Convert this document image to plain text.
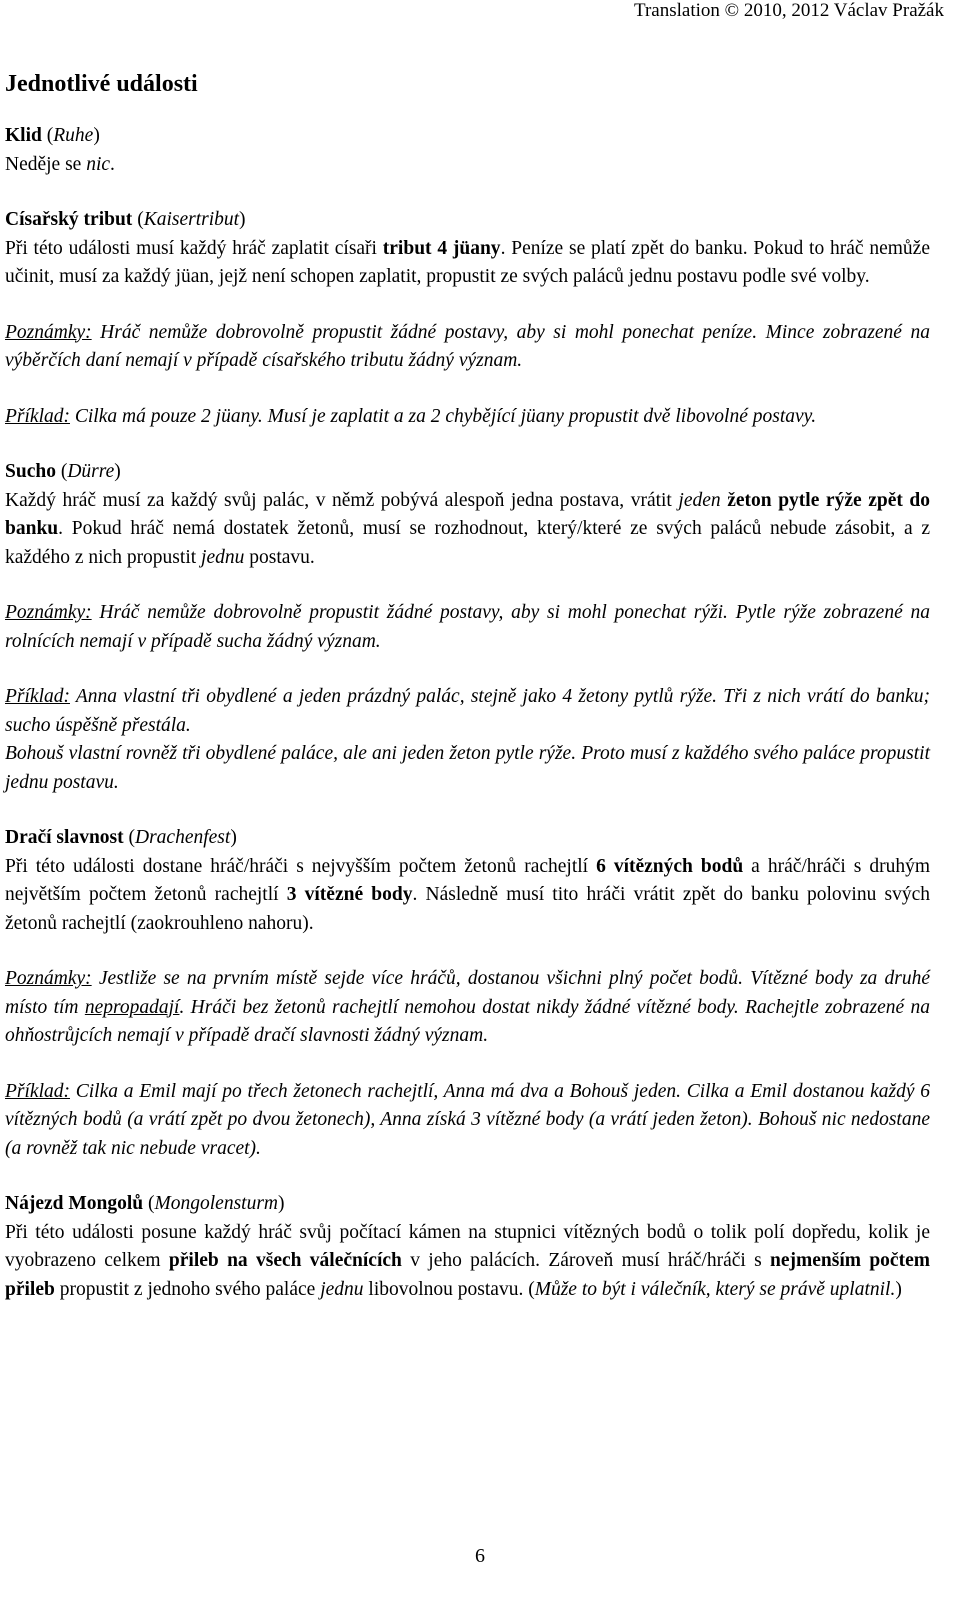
Translation © 2010, 2012 Václav Pražák
Jednotlivé události

Klid (Ruhe)

Neděje se nic.

Císařský tribut (Kaisertribut)

Při této události musí každý hráč zaplatit císaři tribut 4 jüany. Peníze se platí zpět do banku. Pokud to hráč nemůže učinit, musí za každý jüan, jejž není schopen zaplatit, propustit ze svých paláců jednu postavu podle své volby.

Poznámky: Hráč nemůže dobrovolně propustit žádné postavy, aby si mohl ponechat peníze. Mince zobrazené na výběrčích daní nemají v případě císařského tributu žádný význam.

Příklad: Cilka má pouze 2 jüany. Musí je zaplatit a za 2 chybějící jüany propustit dvě libovolné postavy.

Sucho (Dürre)

Každý hráč musí za každý svůj palác, v němž pobývá alespoň jedna postava, vrátit jeden žeton pytle rýže zpět do banku. Pokud hráč nemá dostatek žetonů, musí se rozhodnout, který/které ze svých paláců nebude zásobit, a z každého z nich propustit jednu postavu.

Poznámky: Hráč nemůže dobrovolně propustit žádné postavy, aby si mohl ponechat rýži. Pytle rýže zobrazené na rolnících nemají v případě sucha žádný význam.

Příklad: Anna vlastní tři obydlené a jeden prázdný palác, stejně jako 4 žetony pytlů rýže. Tři z nich vrátí do banku; sucho úspěšně přestála.

Bohouš vlastní rovněž tři obydlené paláce, ale ani jeden žeton pytle rýže. Proto musí z každého svého paláce propustit jednu postavu.

Dračí slavnost (Drachenfest)

Při této události dostane hráč/hráči s nejvyšším počtem žetonů rachejtlí 6 vítězných bodů a hráč/hráči s druhým největším počtem žetonů rachejtlí 3 vítězné body. Následně musí tito hráči vrátit zpět do banku polovinu svých žetonů rachejtlí (zaokrouhleno nahoru).

Poznámky: Jestliže se na prvním místě sejde více hráčů, dostanou všichni plný počet bodů. Vítězné body za druhé místo tím nepropadají. Hráči bez žetonů rachejtlí nemohou dostat nikdy žádné vítězné body. Rachejtle zobrazené na ohňostrůjcích nemají v případě dračí slavnosti žádný význam.

Příklad: Cilka a Emil mají po třech žetonech rachejtlí, Anna má dva a Bohouš jeden. Cilka a Emil dostanou každý 6 vítězných bodů (a vrátí zpět po dvou žetonech), Anna získá 3 vítězné body (a vrátí jeden žeton). Bohouš nic nedostane (a rovněž tak nic nebude vracet).

Nájezd Mongolů (Mongolensturm)

Při této události posune každý hráč svůj počítací kámen na stupnici vítězných bodů o tolik polí dopředu, kolik je vyobrazeno celkem přileb na všech válečnících v jeho palácích. Zároveň musí hráč/hráči s nejmenším počtem přileb propustit z jednoho svého paláce jednu libovolnou postavu. (Může to být i válečník, který se právě uplatnil.)

6
